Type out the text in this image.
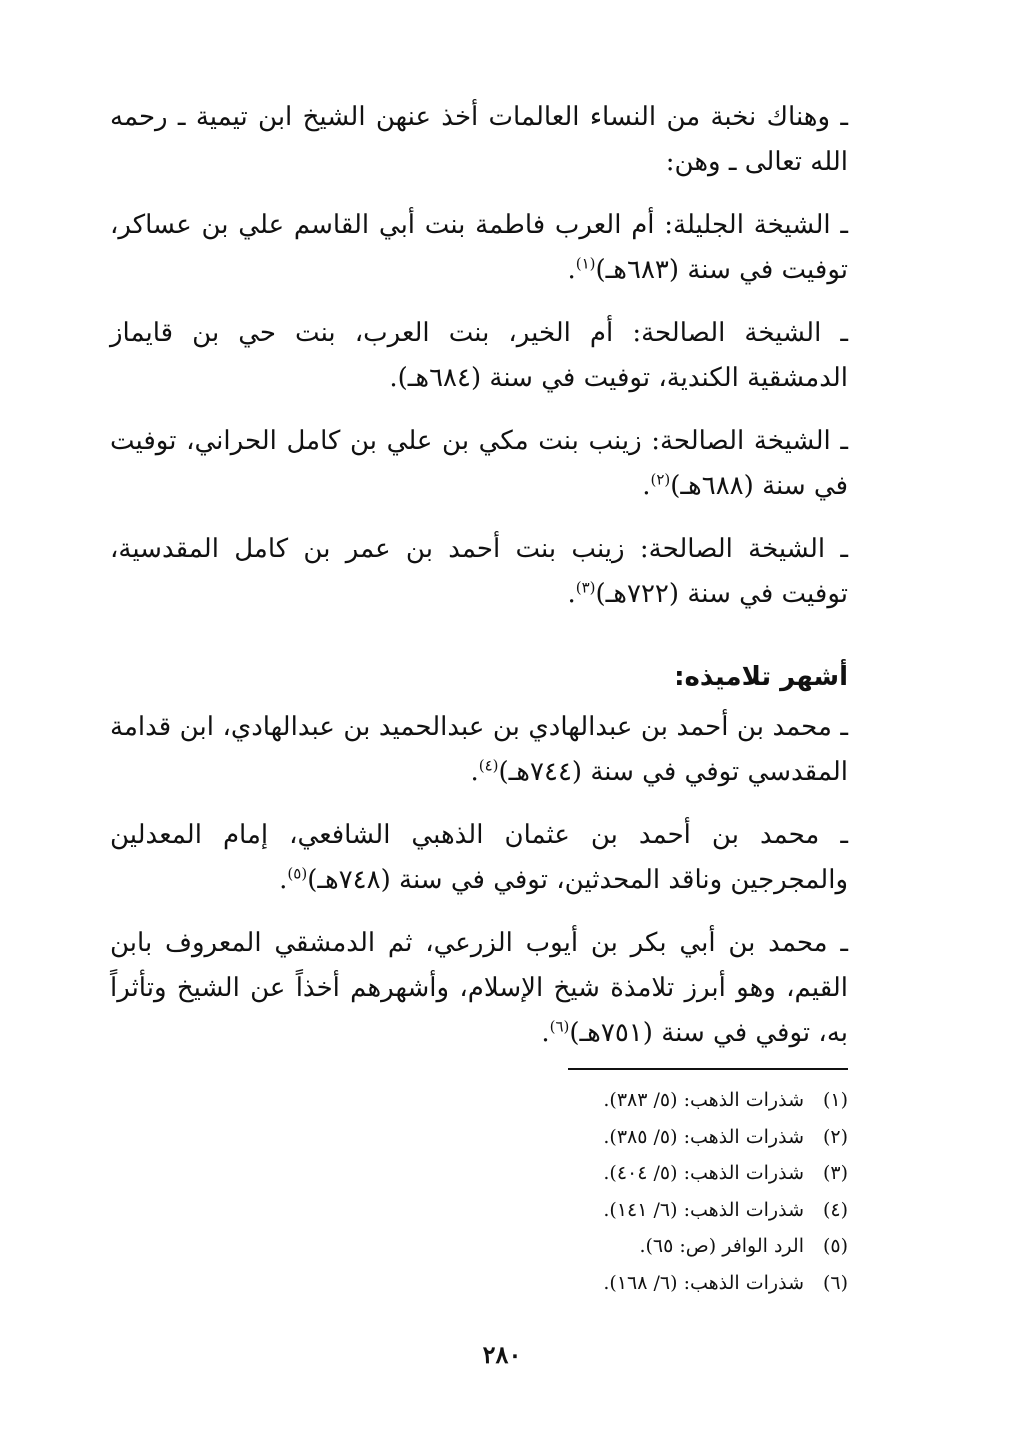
ـ وهناك نخبة من النساء العالمات أخذ عنهن الشيخ ابن تيمية ـ رحمه الله تعالى ـ وهن:

ـ الشيخة الجليلة: أم العرب فاطمة بنت أبي القاسم علي بن عساكر، توفيت في سنة (٦٨٣هـ)$^{(١)}$.

ـ الشيخة الصالحة: أم الخير، بنت العرب، بنت حي بن قايماز الدمشقية الكندية، توفيت في سنة (٦٨٤هـ).

ـ الشيخة الصالحة: زينب بنت مكي بن علي بن كامل الحراني، توفيت في سنة (٦٨٨هـ)$^{(٢)}$.

ـ الشيخة الصالحة: زينب بنت أحمد بن عمر بن كامل المقدسية، توفيت في سنة (٧٢٢هـ)$^{(٣)}$.

أشهر تلاميذه:

ـ محمد بن أحمد بن عبدالهادي بن عبدالحميد بن عبدالهادي، ابن قدامة المقدسي توفي في سنة (٧٤٤هـ)$^{(٤)}$.

ـ محمد بن أحمد بن عثمان الذهبي الشافعي، إمام المعدلين والمجرجين وناقد المحدثين، توفي في سنة (٧٤٨هـ)$^{(٥)}$.

ـ محمد بن أبي بكر بن أيوب الزرعي، ثم الدمشقي المعروف بابن القيم، وهو أبرز تلامذة شيخ الإسلام، وأشهرهم أخذاً عن الشيخ وتأثراً به، توفي في سنة (٧٥١هـ)$^{(٦)}$.

(١)شذرات الذهب: (٥/ ٣٨٣).
(٢)شذرات الذهب: (٥/ ٣٨٥).
(٣)شذرات الذهب: (٥/ ٤٠٤).
(٤)شذرات الذهب: (٦/ ١٤١).
(٥)الرد الوافر (ص: ٦٥).
(٦)شذرات الذهب: (٦/ ١٦٨).
٢٨٠
